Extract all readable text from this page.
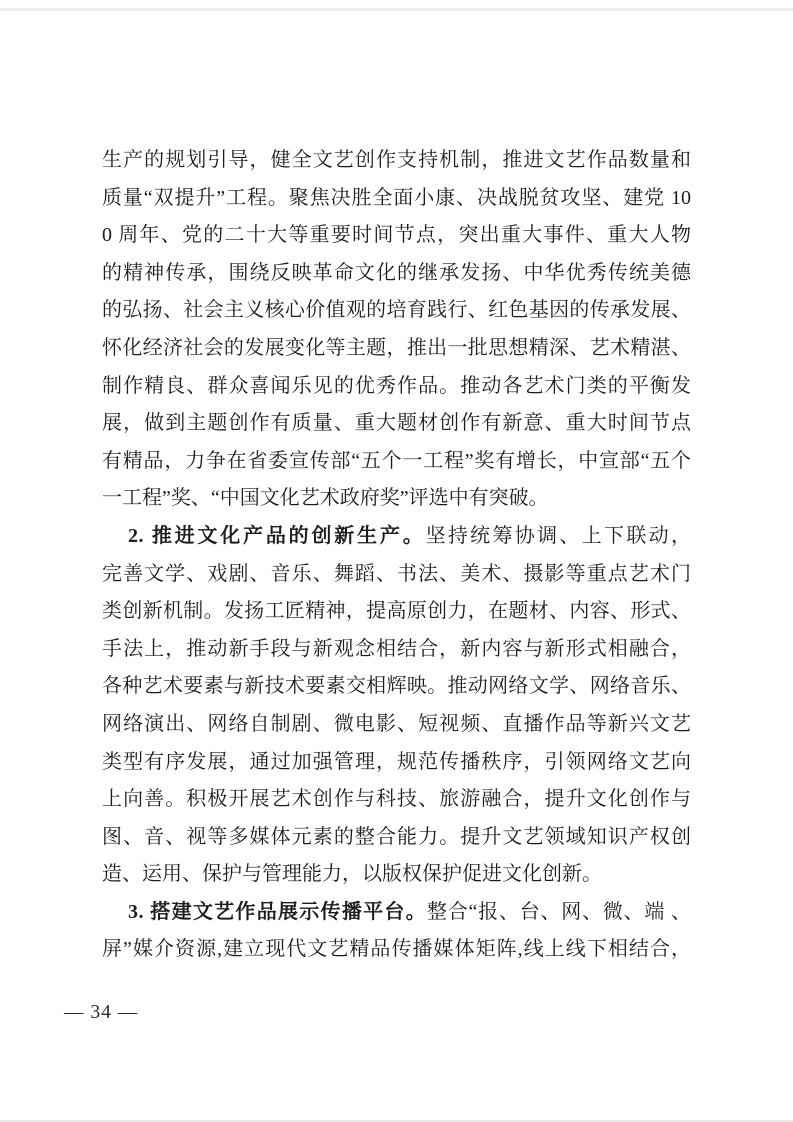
生产的规划引导，健全文艺创作支持机制，推进文艺作品数量和
质量“双提升”工程。聚焦决胜全面小康、决战脱贫攻坚、建党 10
0 周年、党的二十大等重要时间节点，突出重大事件、重大人物
的精神传承，围绕反映革命文化的继承发扬、中华优秀传统美德
的弘扬、社会主义核心价值观的培育践行、红色基因的传承发展、
怀化经济社会的发展变化等主题，推出一批思想精深、艺术精湛、
制作精良、群众喜闻乐见的优秀作品。推动各艺术门类的平衡发
展，做到主题创作有质量、重大题材创作有新意、重大时间节点
有精品，力争在省委宣传部“五个一工程”奖有增长，中宣部“五个
一工程”奖、“中国文化艺术政府奖”评选中有突破。
2. 推进文化产品的创新生产。坚持统筹协调、上下联动，
完善文学、戏剧、音乐、舞蹈、书法、美术、摄影等重点艺术门
类创新机制。发扬工匠精神，提高原创力，在题材、内容、形式、
手法上，推动新手段与新观念相结合，新内容与新形式相融合，
各种艺术要素与新技术要素交相辉映。推动网络文学、网络音乐、
网络演出、网络自制剧、微电影、短视频、直播作品等新兴文艺
类型有序发展，通过加强管理，规范传播秩序，引领网络文艺向
上向善。积极开展艺术创作与科技、旅游融合，提升文化创作与
图、音、视等多媒体元素的整合能力。提升文艺领域知识产权创
造、运用、保护与管理能力，以版权保护促进文化创新。
3. 搭建文艺作品展示传播平台。整合“报、台、网、微、端 、
屏”媒介资源,建立现代文艺精品传播媒体矩阵,线上线下相结合，
— 34 —
